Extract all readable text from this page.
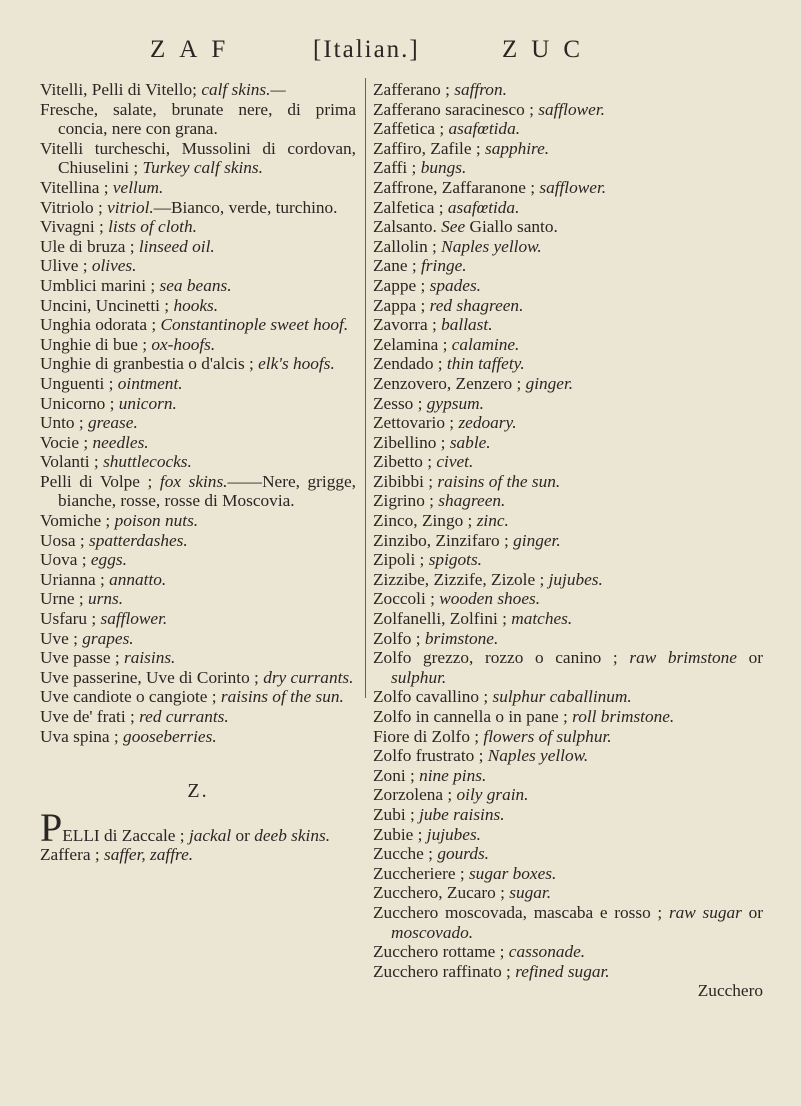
ZAF	[Italian.]	ZUC
Vitelli, Pelli di Vitello; calf skins.—
Fresche, salate, brunate nere, di prima concia, nere con grana.
Vitelli turcheschi, Mussolini di cordovan, Chiuselini ; Turkey calf skins.
Vitellina ; vellum.
Vitriolo ; vitriol.—Bianco, verde, turchino.
Vivagni ; lists of cloth.
Ule di bruza ; linseed oil.
Ulive ; olives.
Umblici marini ; sea beans.
Uncini, Uncinetti ; hooks.
Unghia odorata ; Constantinople sweet hoof.
Unghie di bue ; ox-hoofs.
Unghie di granbestia o d'alcis ; elk's hoofs.
Unguenti ; ointment.
Unicorno ; unicorn.
Unto ; grease.
Vocie ; needles.
Volanti ; shuttlecocks.
Pelli di Volpe ; fox skins.——Nere, grigge, bianche, rosse, rosse di Moscovia.
Vomiche ; poison nuts.
Uosa ; spatterdashes.
Uova ; eggs.
Urianna ; annatto.
Urne ; urns.
Usfaru ; safflower.
Uve ; grapes.
Uve passe ; raisins.
Uve passerine, Uve di Corinto ; dry currants.
Uve candiote o cangiote ; raisins of the sun.
Uve de' frati ; red currants.
Uva spina ; gooseberries.
Z.
PELLI di Zaccale ; jackal or deeb skins.
Zaffera ; saffer, zaffre.
Zafferano ; saffron.
Zafferano saracinesco ; safflower.
Zaffetica ; asafœtida.
Zaffiro, Zafile ; sapphire.
Zaffi ; bungs.
Zaffrone, Zaffaranone ; safflower.
Zalfetica ; asafœtida.
Zalsanto. See Giallo santo.
Zallolin ; Naples yellow.
Zane ; fringe.
Zappe ; spades.
Zappa ; red shagreen.
Zavorra ; ballast.
Zelamina ; calamine.
Zendado ; thin taffety.
Zenzovero, Zenzero ; ginger.
Zesso ; gypsum.
Zettovario ; zedoary.
Zibellino ; sable.
Zibetto ; civet.
Zibibbi ; raisins of the sun.
Zigrino ; shagreen.
Zinco, Zingo ; zinc.
Zinzibo, Zinzifaro ; ginger.
Zipoli ; spigots.
Zizzibe, Zizzife, Zizole ; jujubes.
Zoccoli ; wooden shoes.
Zolfanelli, Zolfini ; matches.
Zolfo ; brimstone.
Zolfo grezzo, rozzo o canino ; raw brimstone or sulphur.
Zolfo cavallino ; sulphur caballinum.
Zolfo in cannella o in pane ; roll brimstone.
Fiore di Zolfo ; flowers of sulphur.
Zolfo frustrato ; Naples yellow.
Zoni ; nine pins.
Zorzolena ; oily grain.
Zubi ; jube raisins.
Zubie ; jujubes.
Zucche ; gourds.
Zuccheriere ; sugar boxes.
Zucchero, Zucaro ; sugar.
Zucchero moscovada, mascaba e rosso ; raw sugar or moscovado.
Zucchero rottame ; cassonade.
Zucchero raffinato ; refined sugar.
Zucchero
